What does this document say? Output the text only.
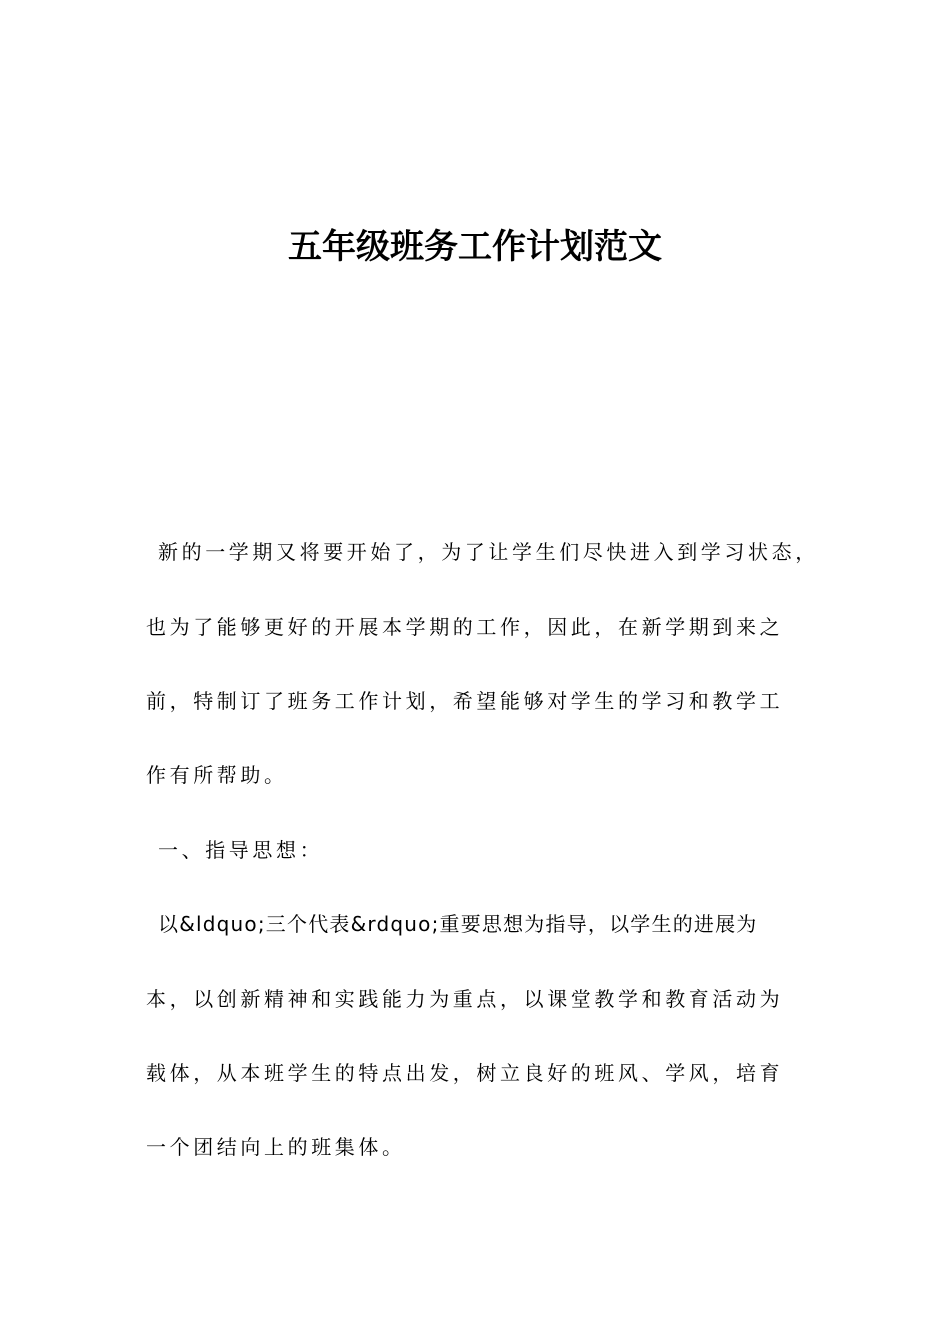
五年级班务工作计划范文

新的一学期又将要开始了，为了让学生们尽快进入到学习状态，

也为了能够更好的开展本学期的工作，因此，在新学期到来之

前，特制订了班务工作计划，希望能够对学生的学习和教学工

作有所帮助。

一、指导思想：

以&ldquo;三个代表&rdquo;重要思想为指导，以学生的进展为

本，以创新精神和实践能力为重点，以课堂教学和教育活动为

载体，从本班学生的特点出发，树立良好的班风、学风，培育

一个团结向上的班集体。
